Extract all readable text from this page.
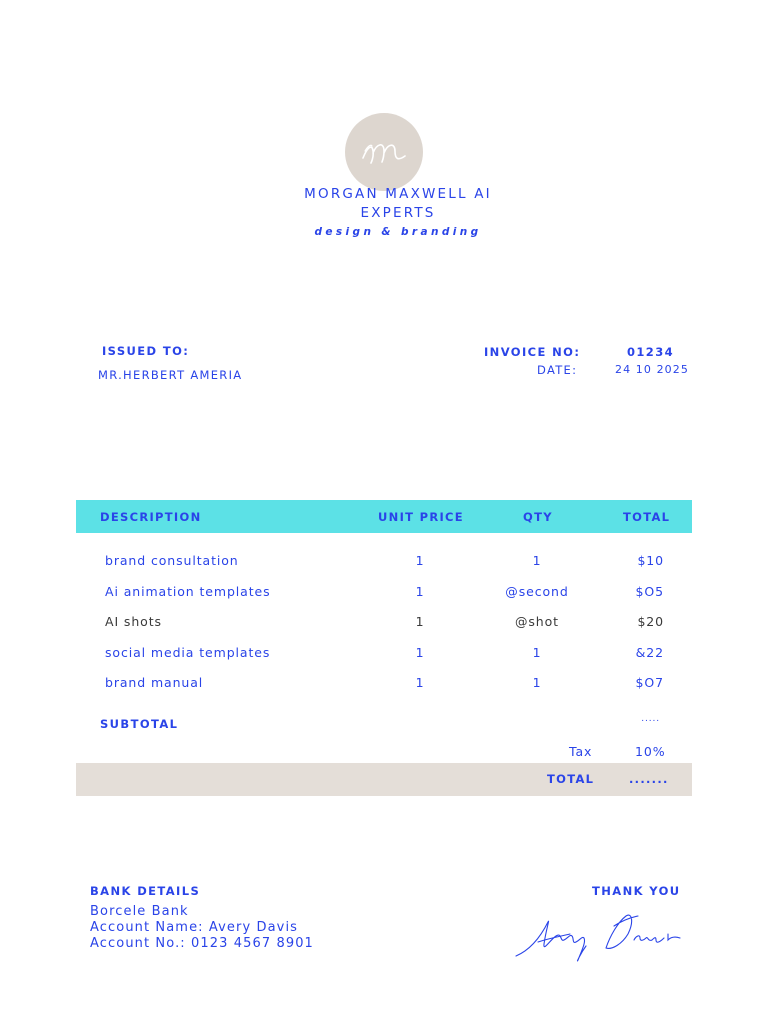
MORGAN MAXWELL AI EXPERTS
design & branding
ISSUED TO:
MR.HERBERT AMERIA
INVOICE NO:	01234
DATE:	24 10 2025
DESCRIPTION	UNIT PRICE	QTY	TOTAL
brand consultation	1	1	$10
Ai animation templates	1	@second	$O5
AI shots	1	@shot	$20
social media templates	1	1	&22
brand manual	1	1	$O7
SUBTOTAL	.....
Tax	10%
TOTAL	.......
BANK DETAILS
Borcele Bank
Account Name: Avery Davis
Account No.: 0123 4567 8901
THANK YOU
